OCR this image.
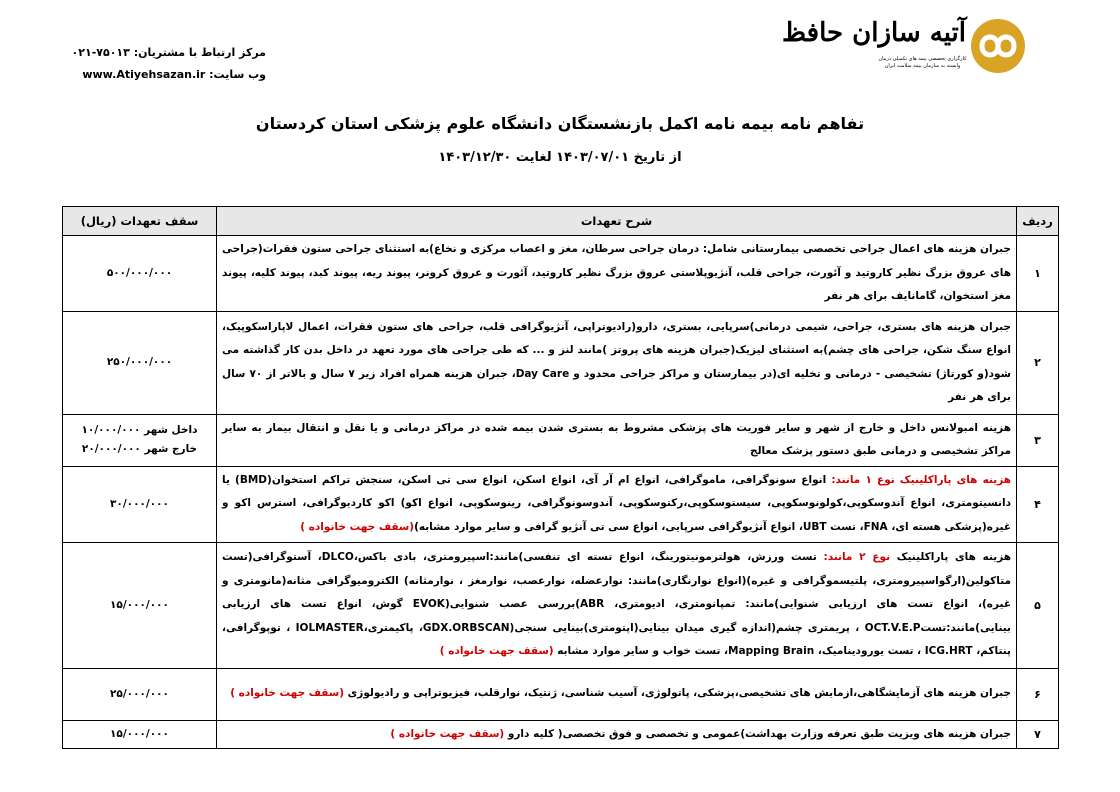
مرکز ارتباط با مشتریان: ۷۵۰۱۳-۰۲۱
وب سایت: www.Atiyehsazan.ir
آتیه سازان حافظ
کارگزاری تخصصی بیمه های تکمیلی درمان
وابسته به سازمان بیمه سلامت ایران
تفاهم نامه بیمه نامه اکمل بازنشستگان دانشگاه علوم پزشکی استان کردستان
از تاریخ ۱۴۰۳/۰۷/۰۱ لغایت ۱۴۰۳/۱۲/۳۰
ردیف	شرح تعهدات	سقف تعهدات (ریال)
۱	جبران هزینه های اعمال جراحی تخصصی بیمارستانی شامل: درمان جراحی سرطان، مغز و اعصاب مرکزی و نخاع)به استثنای جراحی ستون فقرات(جراحی های عروق بزرگ نظیر کاروتید و آئورت، جراحی قلب، آنژیوپلاستی عروق بزرگ نظیر کاروتید، آئورت و عروق کرونر، پیوند ریه، پیوند کبد، پیوند کلیه، پیوند مغز استخوان، گامانایف برای هر نفر	۵۰۰/۰۰۰/۰۰۰
۲	جبران هزینه های بستری، جراحی، شیمی درمانی)سرپایی، بستری، دارو(رادیوتراپی، آنژیوگرافی قلب، جراحی های ستون فقرات، اعمال لاپاراسکوپیک، انواع سنگ شکن، جراحی های چشم)به استثنای لیزیک(جبران هزینه های پروتز )مانند لنز و ... که طی جراحی های مورد تعهد در داخل بدن کار گذاشته می شود(و کورتاژ) تشخیصی - درمانی و تخلیه ای(در بیمارستان و مراکز جراحی محدود و Day Care، جبران هزینه همراه افراد زیر ۷ سال و بالاتر از ۷۰ سال برای هر نفر	۲۵۰/۰۰۰/۰۰۰
۳	هزینه امبولانس داخل و خارج از شهر و سایر فوریت های پزشکی مشروط به بستری شدن بیمه شده در مراکز درمانی و یا نقل و انتقال بیمار به سایر مراکز تشخیصی و درمانی طبق دستور پزشک معالج	داخل شهر ۱۰/۰۰۰/۰۰۰
خارج شهر ۲۰/۰۰۰/۰۰۰

۴	هزینه های پاراکلینیک نوع ۱ مانند: انواع سونوگرافی، ماموگرافی، انواع ام آر آی، انواع اسکن، انواع سی تی اسکن، سنجش تراکم استخوان(BMD) یا دانسیتومتری، انواع آندوسکوپی،کولونوسکوپی، سیستوسکوپی،رکتوسکوپی، آندوسونوگرافی، رینوسکوپی، انواع اکو) اکو کاردیوگرافی، استرس اکو و غیره(پزشکی هسته ای، FNA، تست UBT، انواع آنژیوگرافی سرپایی، انواع سی تی آنژیو گرافی و سایر موارد مشابه)(سقف جهت خانواده )	۳۰/۰۰۰/۰۰۰
۵	هزینه های پاراکلینیک نوع ۲ مانند: تست ورزش، هولترمونیتورینگ، انواع تسته ای تنفسی)مانند:اسپیرومتری، بادی باکس،DLCO، آستوگرافی(تست متاکولین(ارگواسپیرومتری، پلتیسموگرافی و غیره)(انواع نوارنگاری)مانند: نوارعضله، نوارعصب، نوارمغز ، نوارمثانه) الکترومیوگرافی مثانه(مانومتری و غیره)، انواع تست های ارزیابی شنوایی)مانند: تمپانومتری، ادیومتری، ABR)بررسی عصب شنوایی(EVOK گوش، انواع تست های ارزیابی بینایی)مانند:تستOCT.V.E.P ، پریمتری چشم(اندازه گیری میدان بینایی(اپتومتری)بینایی سنجی(GDX.ORBSCAN، پاکیمتری،IOLMASTER ، توپوگرافی، پنتاکم، ICG.HRT ، تست یورودینامیک، Mapping Brain، تست خواب و سایر موارد مشابه (سقف جهت خانواده )	۱۵/۰۰۰/۰۰۰
۶	جبران هزینه های آزمایشگاهی،ازمایش های تشخیصی،پزشکی، پاتولوژی، آسیب شناسی، ژنتیک، نوارقلب، فیزیوتراپی و رادیولوژی (سقف جهت خانواده )	۲۵/۰۰۰/۰۰۰
۷	جبران هزینه های ویزیت طبق تعرفه وزارت بهداشت)عمومی و تخصصی و فوق تخصصی( کلیه دارو (سقف جهت خانواده )	۱۵/۰۰۰/۰۰۰
